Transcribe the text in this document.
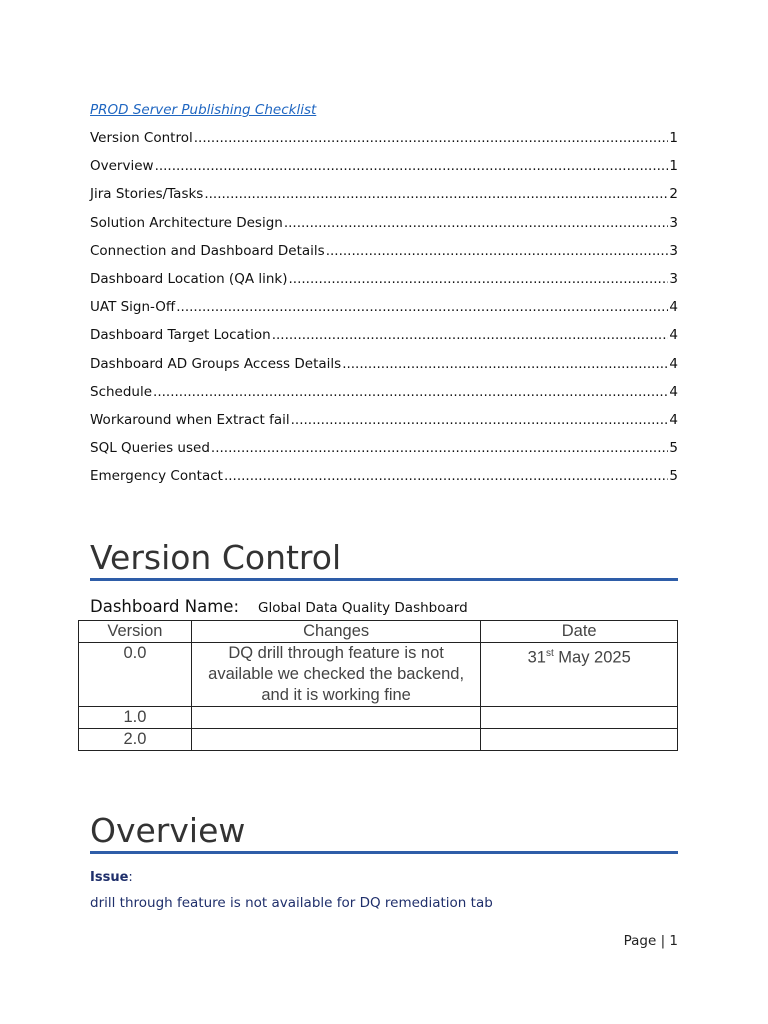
PROD Server Publishing Checklist
Version Control .....	1
Overview .....	1
Jira Stories/Tasks .....	2
Solution Architecture Design .....	3
Connection and Dashboard Details .....	3
Dashboard Location (QA link) .....	3
UAT Sign-Off .....	4
Dashboard Target Location .....	4
Dashboard AD Groups Access Details .....	4
Schedule .....	4
Workaround when Extract fail .....	4
SQL Queries used .....	5
Emergency Contact .....	5
Version Control
Dashboard Name: Global Data Quality Dashboard
Version	Changes	Date
0.0	DQ drill through feature is not available we checked the backend, and it is working fine	31st May 2025
1.0		
2.0		
Overview
Issue:
drill through feature is not available for DQ remediation tab
Page | 1
